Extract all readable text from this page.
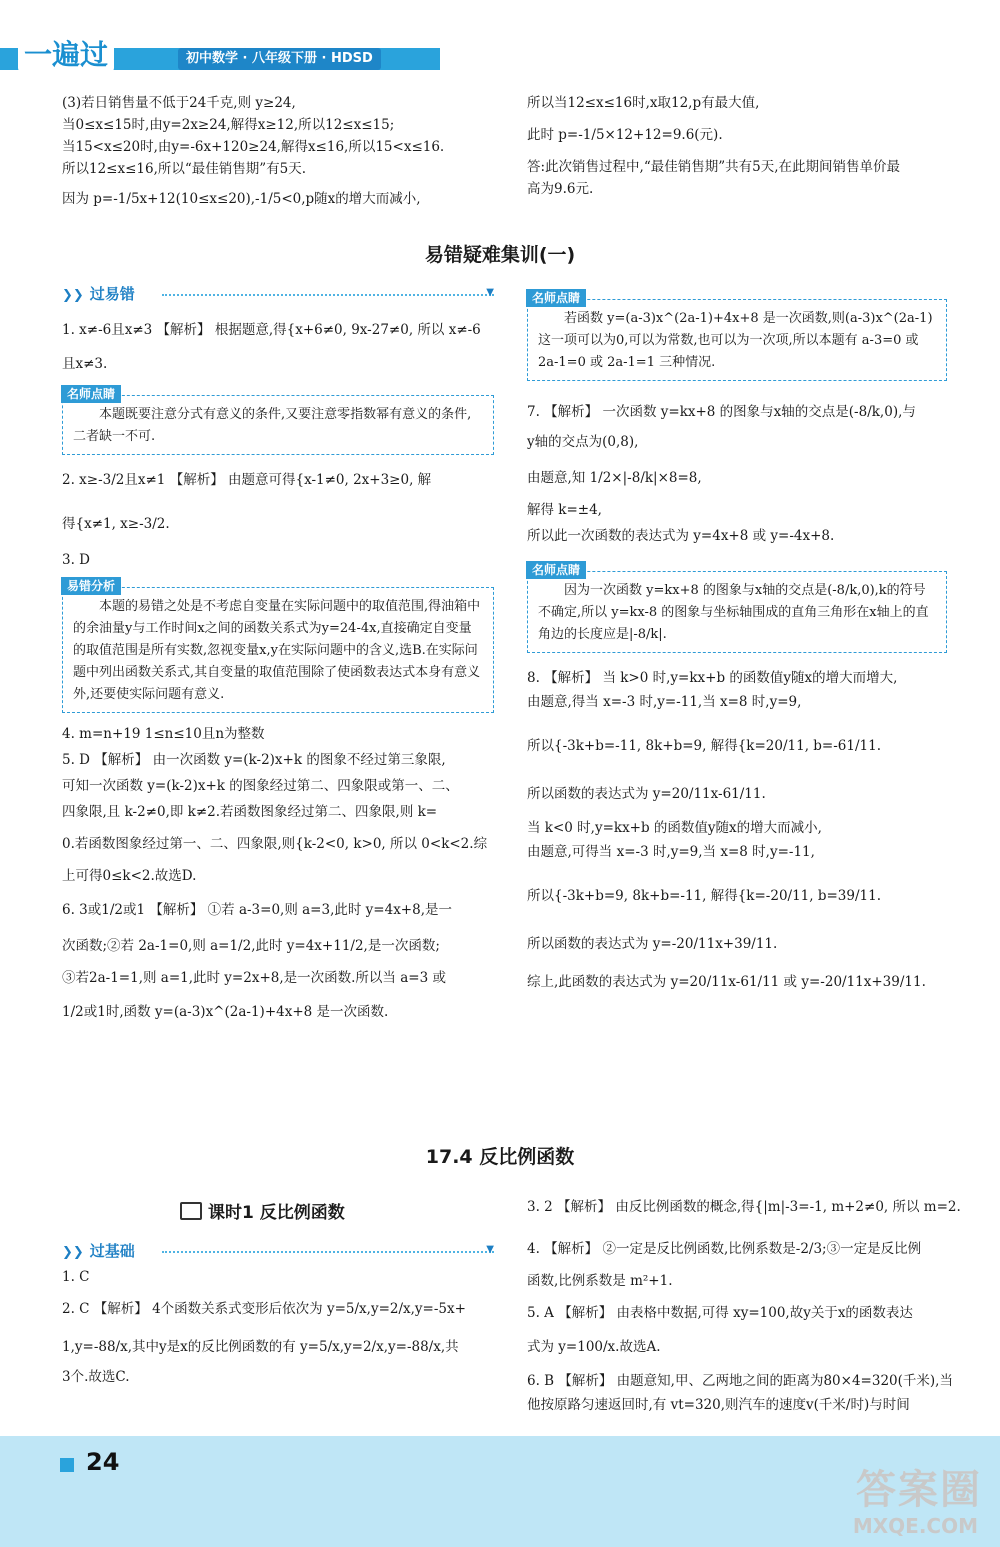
一遍过	初中数学 · 八年级下册 · HDSD
(3)若日销售量不低于24千克,则 y≥24,
当0≤x≤15时,由y=2x≥24,解得x≥12,所以12≤x≤15;
当15<x≤20时,由y=-6x+120≥24,解得x≤16,所以15<x≤16.
所以12≤x≤16,所以“最佳销售期”有5天.
因为 p=-1/5x+12(10≤x≤20),-1/5<0,p随x的增大而减小,
所以当12≤x≤16时,x取12,p有最大值,
此时 p=-1/5×12+12=9.6(元).
答:此次销售过程中,“最佳销售期”共有5天,在此期间销售单价最
高为9.6元.
易错疑难集训(一)
❯❯ 过易错	▼
1. x≠-6且x≠3 【解析】 根据题意,得{x+6≠0, 9x-27≠0, 所以 x≠-6
且x≠3.
名师点睛

本题既要注意分式有意义的条件,又要注意零指数幂有意义的条件,二者缺一不可.

2. x≥-3/2且x≠1 【解析】 由题意可得{x-1≠0, 2x+3≥0, 解
得{x≠1, x≥-3/2.
3. D
易错分析

本题的易错之处是不考虑自变量在实际问题中的取值范围,得油箱中的余油量y与工作时间x之间的函数关系式为y=24-4x,直接确定自变量的取值范围是所有实数,忽视变量x,y在实际问题中的含义,选B.在实际问题中列出函数关系式,其自变量的取值范围除了使函数表达式本身有意义外,还要使实际问题有意义.

4. m=n+19 1≤n≤10且n为整数
5. D 【解析】 由一次函数 y=(k-2)x+k 的图象不经过第三象限,
可知一次函数 y=(k-2)x+k 的图象经过第二、四象限或第一、二、
四象限,且 k-2≠0,即 k≠2.若函数图象经过第二、四象限,则 k=
0.若函数图象经过第一、二、四象限,则{k-2<0, k>0, 所以 0<k<2.综
上可得0≤k<2.故选D.
6. 3或1/2或1 【解析】 ①若 a-3=0,则 a=3,此时 y=4x+8,是一
次函数;②若 2a-1=0,则 a=1/2,此时 y=4x+11/2,是一次函数;
③若2a-1=1,则 a=1,此时 y=2x+8,是一次函数.所以当 a=3 或
1/2或1时,函数 y=(a-3)x^(2a-1)+4x+8 是一次函数.
名师点睛

若函数 y=(a-3)x^(2a-1)+4x+8 是一次函数,则(a-3)x^(2a-1)这一项可以为0,可以为常数,也可以为一次项,所以本题有 a-3=0 或 2a-1=0 或 2a-1=1 三种情况.

7. 【解析】 一次函数 y=kx+8 的图象与x轴的交点是(-8/k,0),与
y轴的交点为(0,8),
由题意,知 1/2×|-8/k|×8=8,
解得 k=±4,
所以此一次函数的表达式为 y=4x+8 或 y=-4x+8.
名师点睛

因为一次函数 y=kx+8 的图象与x轴的交点是(-8/k,0),k的符号不确定,所以 y=kx-8 的图象与坐标轴围成的直角三角形在x轴上的直角边的长度应是|-8/k|.

8. 【解析】 当 k>0 时,y=kx+b 的函数值y随x的增大而增大,
由题意,得当 x=-3 时,y=-11,当 x=8 时,y=9,
所以{-3k+b=-11, 8k+b=9, 解得{k=20/11, b=-61/11.
所以函数的表达式为 y=20/11x-61/11.
当 k<0 时,y=kx+b 的函数值y随x的增大而减小,
由题意,可得当 x=-3 时,y=9,当 x=8 时,y=-11,
所以{-3k+b=9, 8k+b=-11, 解得{k=-20/11, b=39/11.
所以函数的表达式为 y=-20/11x+39/11.
综上,此函数的表达式为 y=20/11x-61/11 或 y=-20/11x+39/11.
17.4 反比例函数
课时1 反比例函数
❯❯ 过基础	▼
1. C
2. C 【解析】 4个函数关系式变形后依次为 y=5/x,y=2/x,y=-5x+
1,y=-88/x,其中y是x的反比例函数的有 y=5/x,y=2/x,y=-88/x,共
3个.故选C.
3. 2 【解析】 由反比例函数的概念,得{|m|-3=-1, m+2≠0, 所以 m=2.
4. 【解析】 ②一定是反比例函数,比例系数是-2/3;③一定是反比例
函数,比例系数是 m²+1.
5. A 【解析】 由表格中数据,可得 xy=100,故y关于x的函数表达
式为 y=100/x.故选A.
6. B 【解析】 由题意知,甲、乙两地之间的距离为80×4=320(千米),当
他按原路匀速返回时,有 vt=320,则汽车的速度v(千米/时)与时间
24
答案圈
MXQE.COM
